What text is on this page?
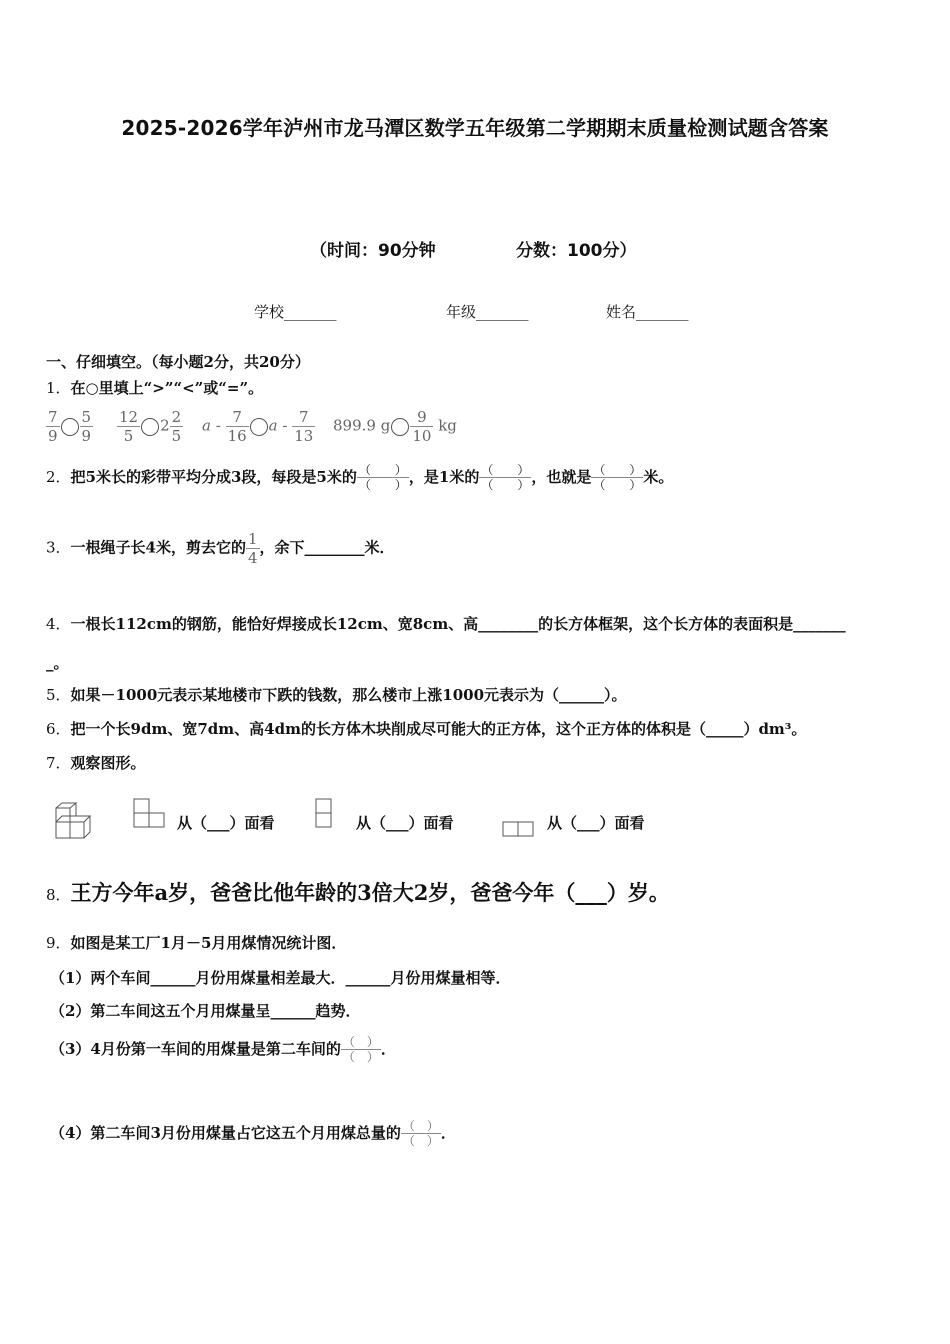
2025-2026学年泸州市龙马潭区数学五年级第二学期期末质量检测试题含答案
（时间：90分钟	分数：100分）
学校_______	年级_______	姓名_______
一、仔细填空。（每小题2分，共20分）
1．在○里填上“>”“<”或“=”。
$\frac{7}{9} \frac{5}{9} \frac{12}{5} 2 \frac{2}{5}$ a - $\frac{7}{16}$ a - $\frac{7}{13} 899.9$ g $\frac{9}{10}$ kg
2．把5米长的彩带平均分成3段，每段是5米的 $\frac{( )}{( )}$ ，是1米的 $\frac{( )}{( )}$ ，也就是 $\frac{( )}{( )}$ 米。
3．一根绳子长4米，剪去它的 $\frac{1}{4}$ ，余下________米．
4．一根长112cm的钢筋，能恰好焊接成长12cm、宽8cm、高________的长方体框架，这个长方体的表面积是_______
_。
5．如果－1000元表示某地楼市下跌的钱数，那么楼市上涨1000元表示为（______）。
6．把一个长9dm、宽7dm、高4dm的长方体木块削成尽可能大的正方体，这个正方体的体积是（_____）dm³。
7．观察图形。
从（___）面看	从（___）面看	从（___）面看
8．王方今年a岁，爸爸比他年龄的3倍大2岁，爸爸今年（___）岁。
9．如图是某工厂1月－5月用煤情况统计图．
（1）两个车间______月份用煤量相差最大．______月份用煤量相等．
（2）第二车间这五个月用煤量呈______趋势．
（3）4月份第一车间的用煤量是第二车间的 $\frac{( )}{( )}$ ．
（4）第二车间3月份用煤量占它这五个月用煤总量的 $\frac{( )}{( )}$ ．
